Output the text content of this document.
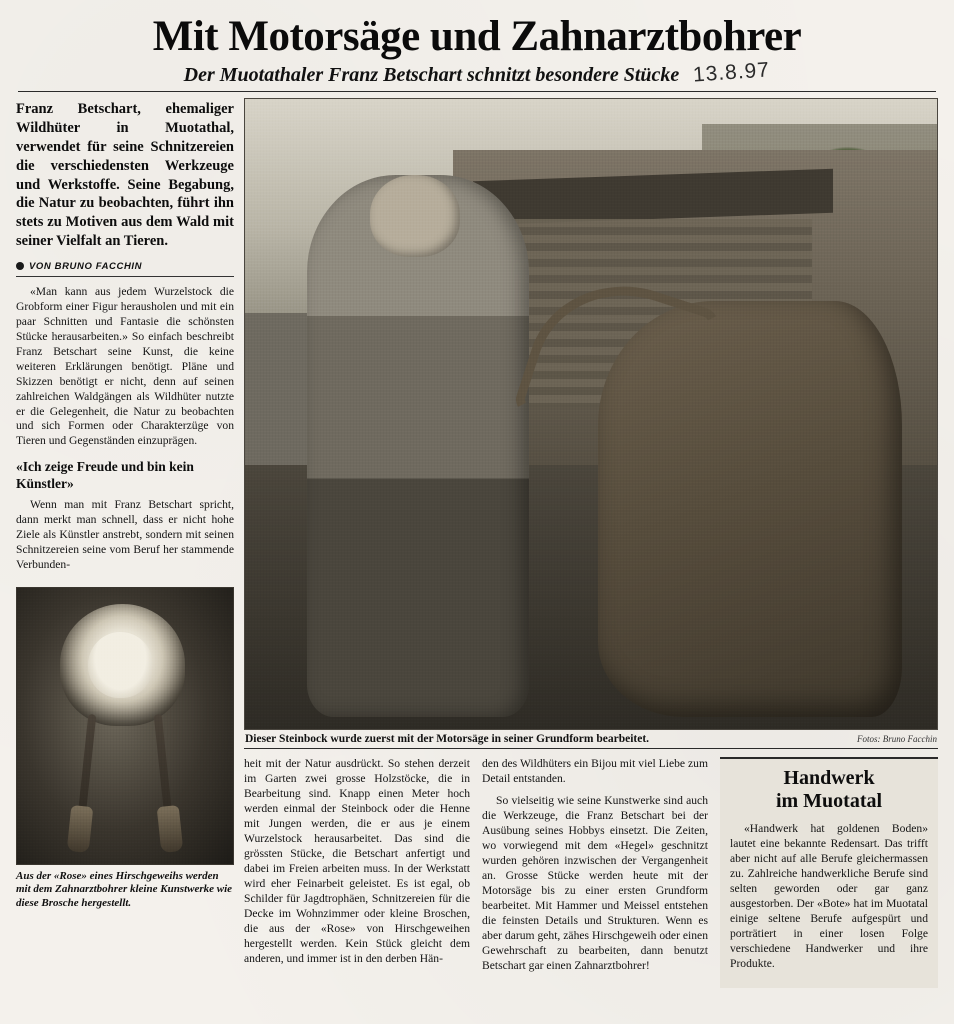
Mit Motorsäge und Zahnarztbohrer
Der Muotathaler Franz Betschart schnitzt besondere Stücke 13.8.97
Franz Betschart, ehemaliger Wildhüter in Muotathal, verwendet für seine Schnitzereien die verschiedensten Werkzeuge und Werkstoffe. Seine Begabung, die Natur zu beobachten, führt ihn stets zu Motiven aus dem Wald mit seiner Vielfalt an Tieren.
VON BRUNO FACCHIN

«Man kann aus jedem Wurzelstock die Grobform einer Figur herausholen und mit ein paar Schnitten und Fantasie die schönsten Stücke herausarbeiten.» So einfach beschreibt Franz Betschart seine Kunst, die keine weiteren Erklärungen benötigt. Pläne und Skizzen benötigt er nicht, denn auf seinen zahlreichen Waldgängen als Wildhüter nutzte er die Gelegenheit, die Natur zu beobachten und sich Formen oder Charakterzüge von Tieren und Gegenständen einzuprägen.

«Ich zeige Freude und bin kein Künstler»

Wenn man mit Franz Betschart spricht, dann merkt man schnell, dass er nicht hohe Ziele als Künstler anstrebt, sondern mit seinen Schnitzereien seine vom Beruf her stammende Verbunden-

Aus der «Rose» eines Hirschgeweihs werden mit dem Zahnarztbohrer kleine Kunstwerke wie diese Brosche hergestellt.
Dieser Steinbock wurde zuerst mit der Motorsäge in seiner Grundform bearbeitet.	Fotos: Bruno Facchin

heit mit der Natur ausdrückt. So stehen derzeit im Garten zwei grosse Holzstöcke, die in Bearbeitung sind. Knapp einen Meter hoch werden einmal der Steinbock oder die Henne mit Jungen werden, die er aus je einem Wurzelstock herausarbeitet. Das sind die grössten Stücke, die Betschart anfertigt und dabei im Freien arbeiten muss. In der Werkstatt wird eher Feinarbeit geleistet. Es ist egal, ob Schilder für Jagdtrophäen, Schnitzereien für die Decke im Wohnzimmer oder kleine Broschen, die aus der «Rose» von Hirschgeweihen hergestellt werden. Kein Stück gleicht dem anderen, und immer ist in den derben Hän-

den des Wildhüters ein Bijou mit viel Liebe zum Detail entstanden.

So vielseitig wie seine Kunstwerke sind auch die Werkzeuge, die Franz Betschart bei der Ausübung seines Hobbys einsetzt. Die Zeiten, wo vorwiegend mit dem «Hegel» geschnitzt wurden gehören inzwischen der Vergangenheit an. Grosse Stücke werden heute mit der Motorsäge bis zu einer ersten Grundform bearbeitet. Mit Hammer und Meissel entstehen die feinsten Details und Strukturen. Wenn es aber darum geht, zähes Hirschgeweih oder einen Gewehrschaft zu bearbeiten, dann benutzt Betschart gar einen Zahnarztbohrer!

Handwerk
im Muotatal

«Handwerk hat goldenen Boden» lautet eine bekannte Redensart. Das trifft aber nicht auf alle Berufe gleichermassen zu. Zahlreiche handwerkliche Berufe sind selten geworden oder gar ganz ausgestorben. Der «Bote» hat im Muotatal einige seltene Berufe aufgespürt und porträtiert in einer losen Folge verschiedene Handwerker und ihre Produkte.
